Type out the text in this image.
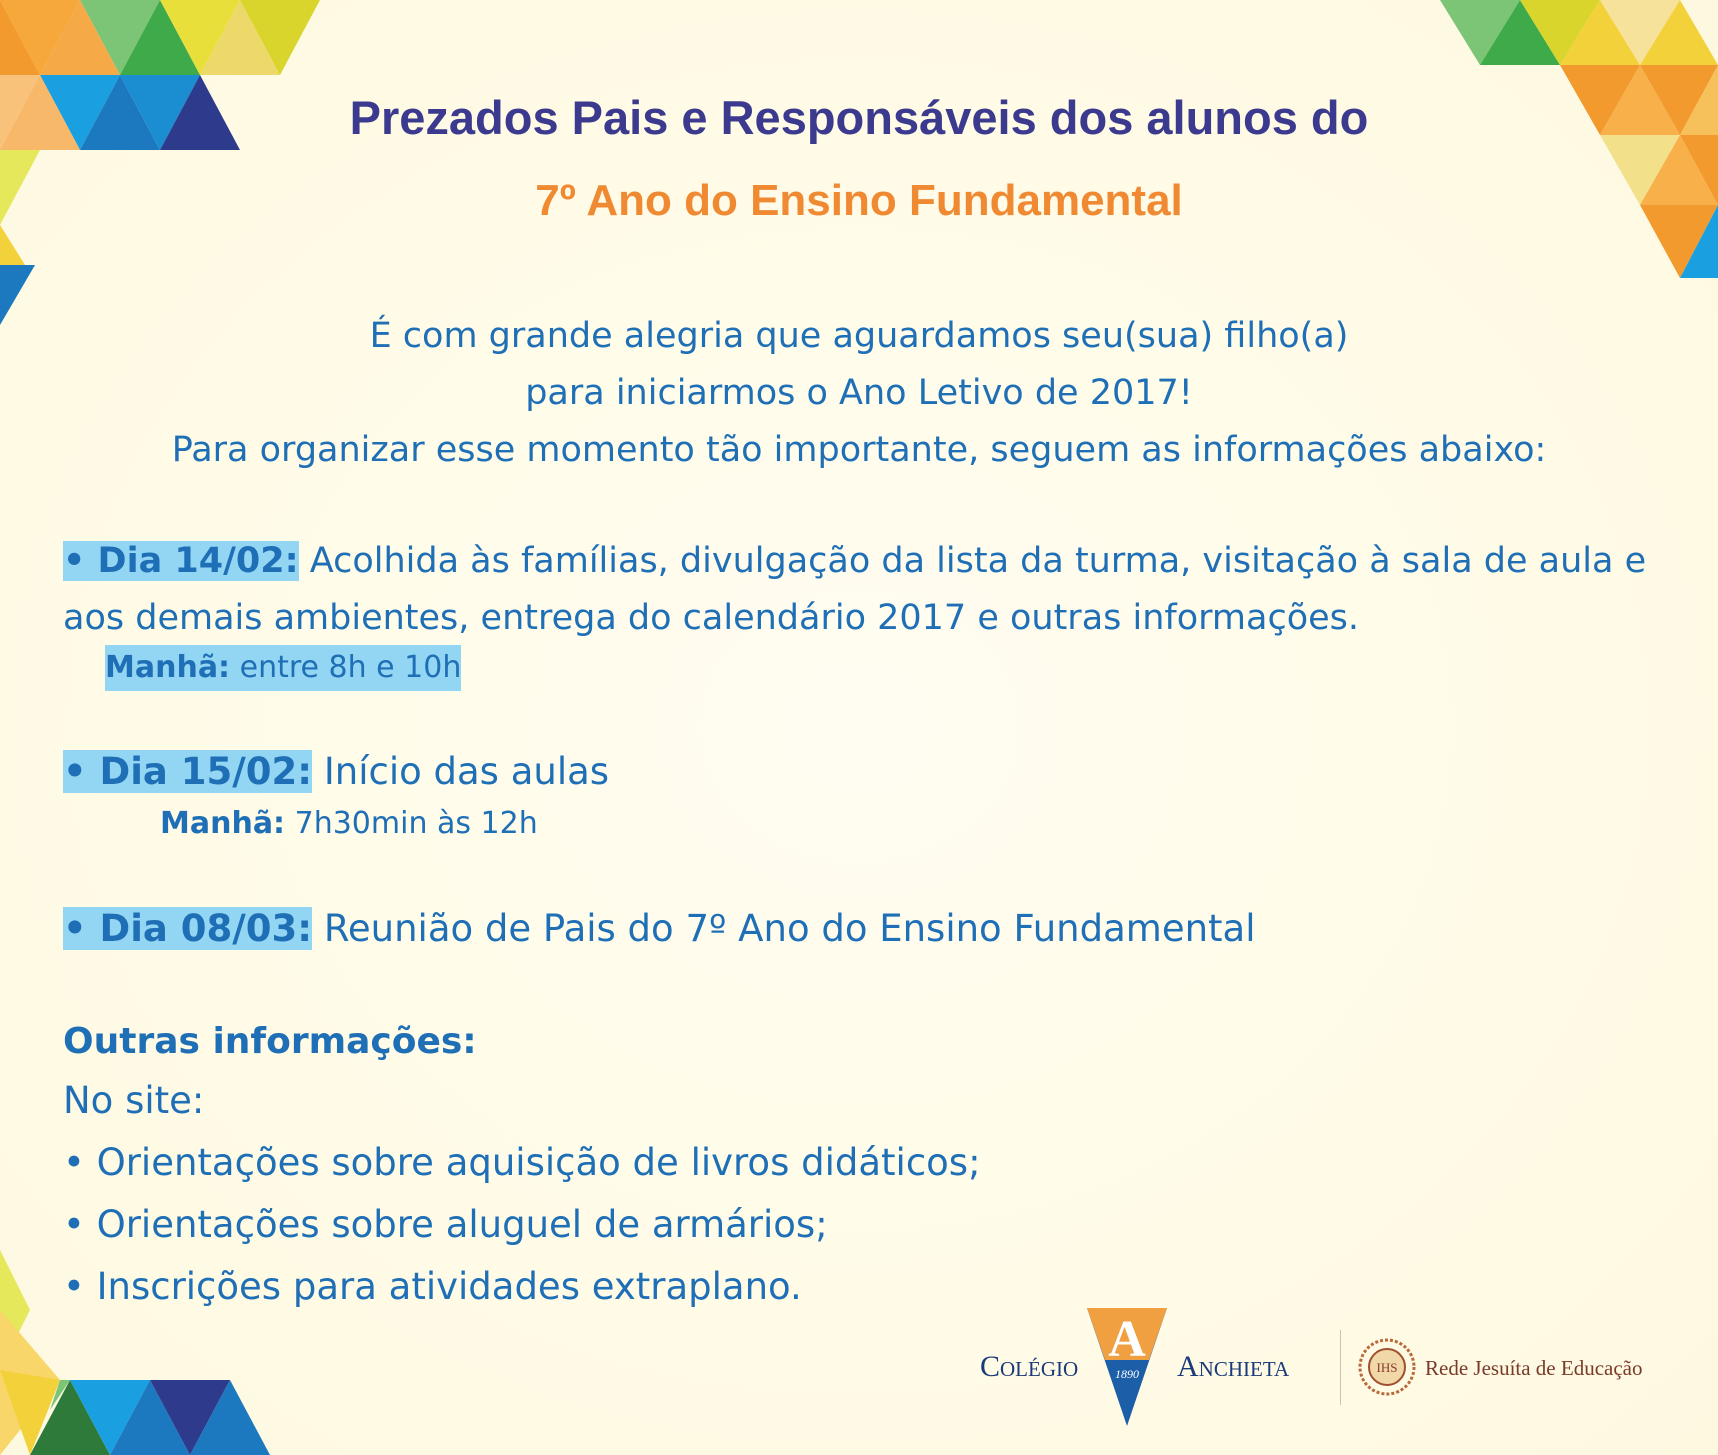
Prezados Pais e Responsáveis dos alunos do
7º Ano do Ensino Fundamental
É com grande alegria que aguardamos seu(sua) filho(a)
para iniciarmos o Ano Letivo de 2017!
Para organizar esse momento tão importante, seguem as informações abaixo:
• Dia 14/02: Acolhida às famílias, divulgação da lista da turma, visitação à sala de aula e aos demais ambientes, entrega do calendário 2017 e outras informações.
Manhã: entre 8h e 10h
• Dia 15/02: Início das aulas
Manhã: 7h30min às 12h
• Dia 08/03: Reunião de Pais do 7º Ano do Ensino Fundamental
Outras informações:
No site:
• Orientações sobre aquisição de livros didáticos;
• Orientações sobre aluguel de armários;
• Inscrições para atividades extraplano.
A
1890
Colégio	Anchieta	IHS Rede Jesuíta de Educação
